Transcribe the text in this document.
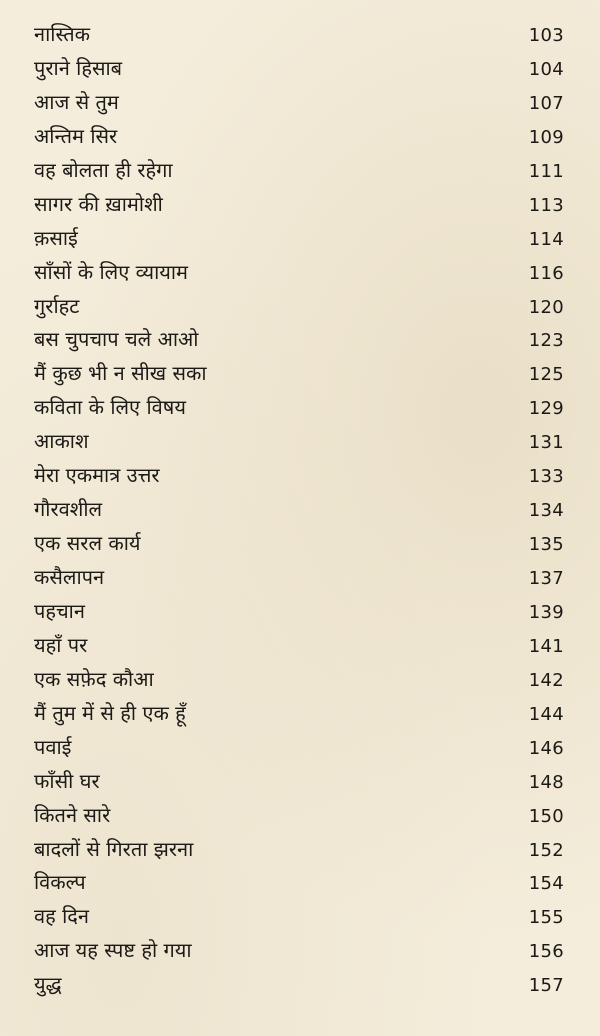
नास्तिक	103
पुराने हिसाब	104
आज से तुम	107
अन्तिम सिर	109
वह बोलता ही रहेगा	111
सागर की ख़ामोशी	113
क़साई	114
साँसों के लिए व्यायाम	116
गुर्राहट	120
बस चुपचाप चले आओ	123
मैं कुछ भी न सीख सका	125
कविता के लिए विषय	129
आकाश	131
मेरा एकमात्र उत्तर	133
गौरवशील	134
एक सरल कार्य	135
कसैलापन	137
पहचान	139
यहाँ पर	141
एक सफ़ेद कौआ	142
मैं तुम में से ही एक हूँ	144
पवाई	146
फाँसी घर	148
कितने सारे	150
बादलों से गिरता झरना	152
विकल्प	154
वह दिन	155
आज यह स्पष्ट हो गया	156
युद्ध	157
